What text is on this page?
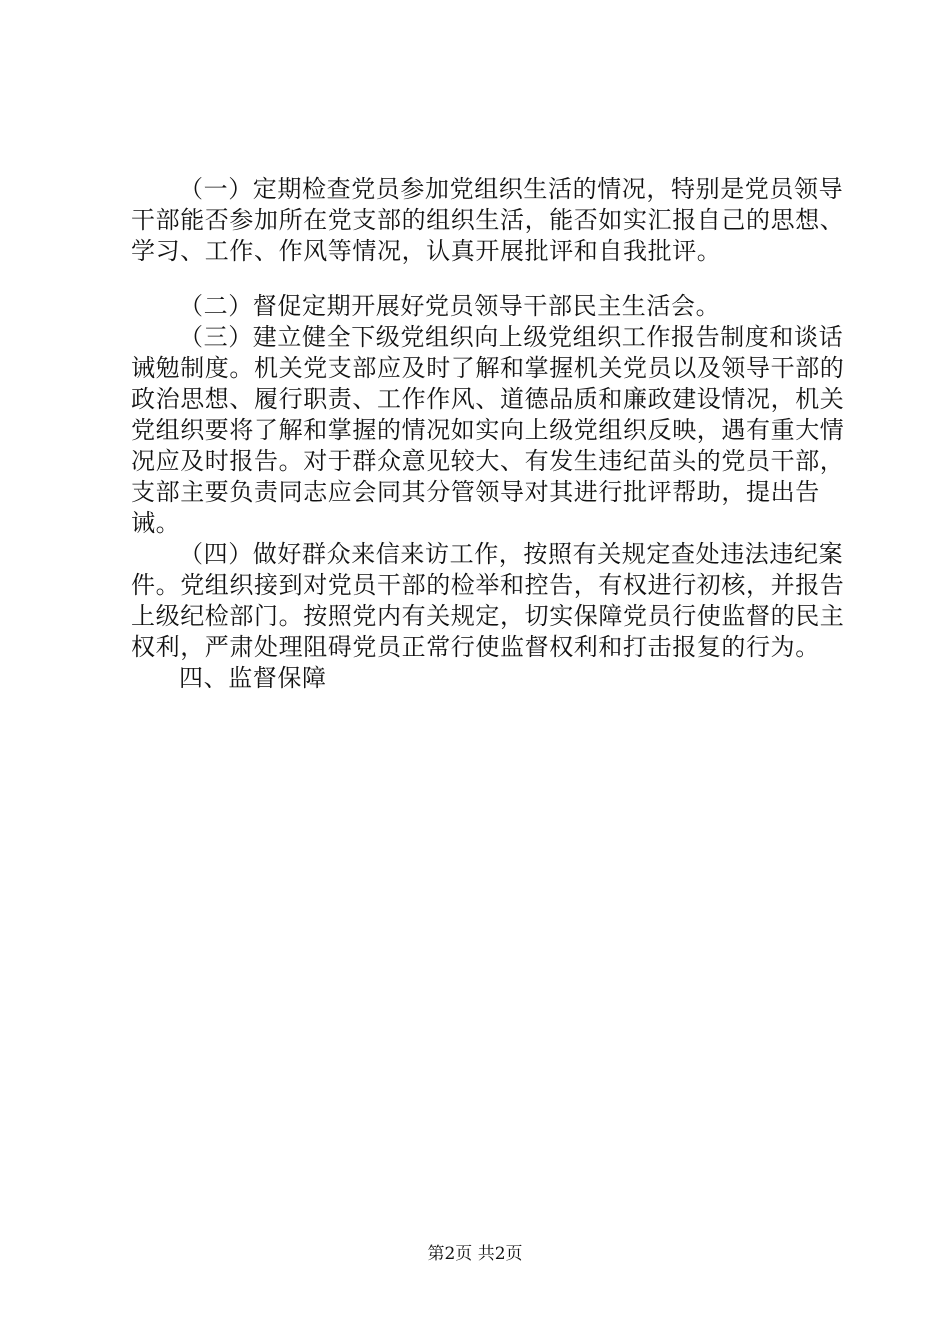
（一）定期检查党员参加党组织生活的情况，特别是党员领导干部能否参加所在党支部的组织生活，能否如实汇报自己的思想、学习、工作、作风等情况，认真开展批评和自我批评。

（二）督促定期开展好党员领导干部民主生活会。

（三）建立健全下级党组织向上级党组织工作报告制度和谈话诫勉制度。机关党支部应及时了解和掌握机关党员以及领导干部的政治思想、履行职责、工作作风、道德品质和廉政建设情况，机关党组织要将了解和掌握的情况如实向上级党组织反映，遇有重大情况应及时报告。对于群众意见较大、有发生违纪苗头的党员干部，支部主要负责同志应会同其分管领导对其进行批评帮助，提出告诫。

（四）做好群众来信来访工作，按照有关规定查处违法违纪案件。党组织接到对党员干部的检举和控告，有权进行初核，并报告上级纪检部门。按照党内有关规定，切实保障党员行使监督的民主权利，严肃处理阻碍党员正常行使监督权利和打击报复的行为。

四、监督保障

第2页 共2页
